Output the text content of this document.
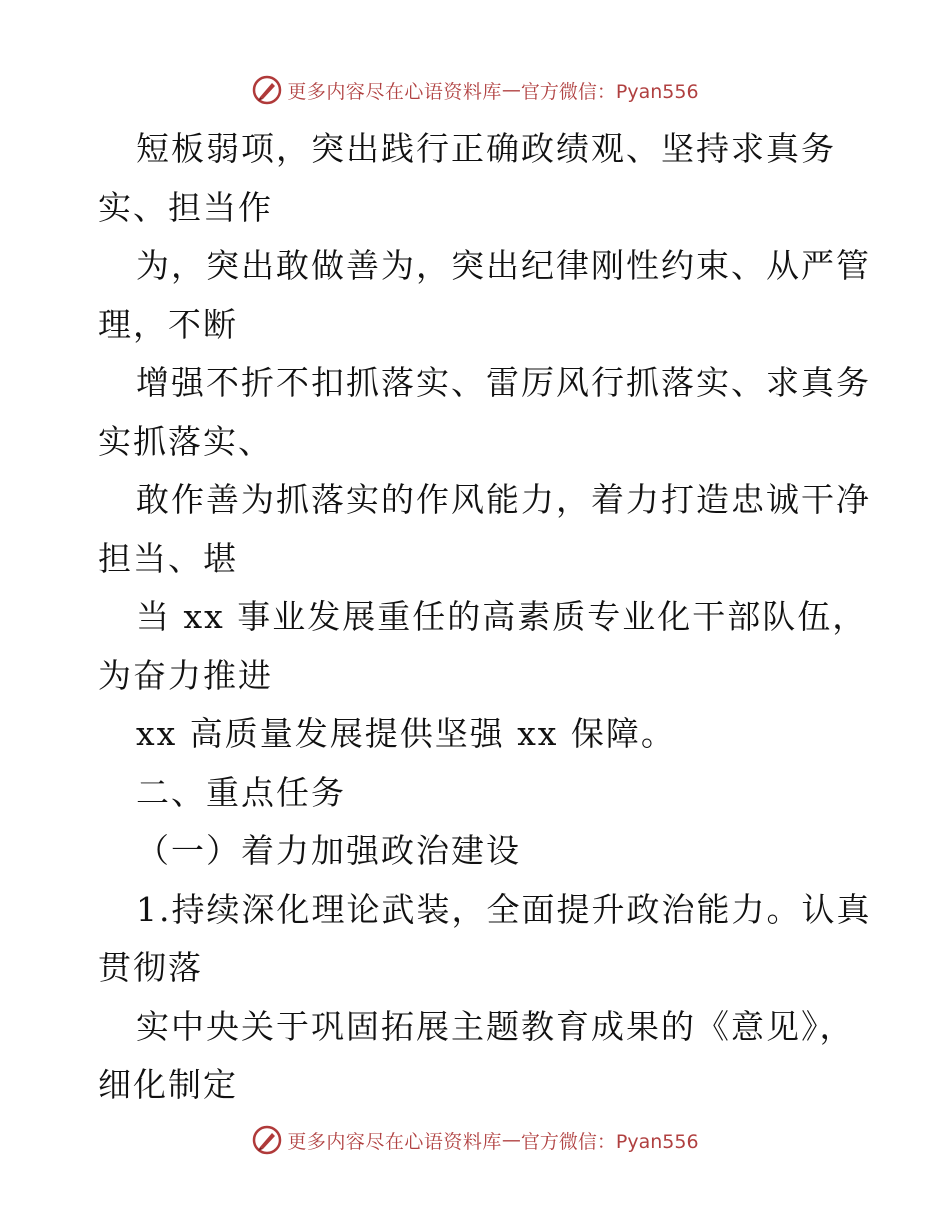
更多内容尽在心语资料库 — 官方微信：Pyan556
短板弱项，突出践行正确政绩观、坚持求真务
实、担当作
为，突出敢做善为，突出纪律刚性约束、从严管
理，不断
增强不折不扣抓落实、雷厉风行抓落实、求真务
实抓落实、
敢作善为抓落实的作风能力，着力打造忠诚干净
担当、堪
当 xx 事业发展重任的高素质专业化干部队伍，
为奋力推进
xx 高质量发展提供坚强 xx 保障。
二、重点任务
（一）着力加强政治建设
1.持续深化理论武装，全面提升政治能力。认真
贯彻落
实中央关于巩固拓展主题教育成果的《意见》，
细化制定
更多内容尽在心语资料库 — 官方微信：Pyan556
